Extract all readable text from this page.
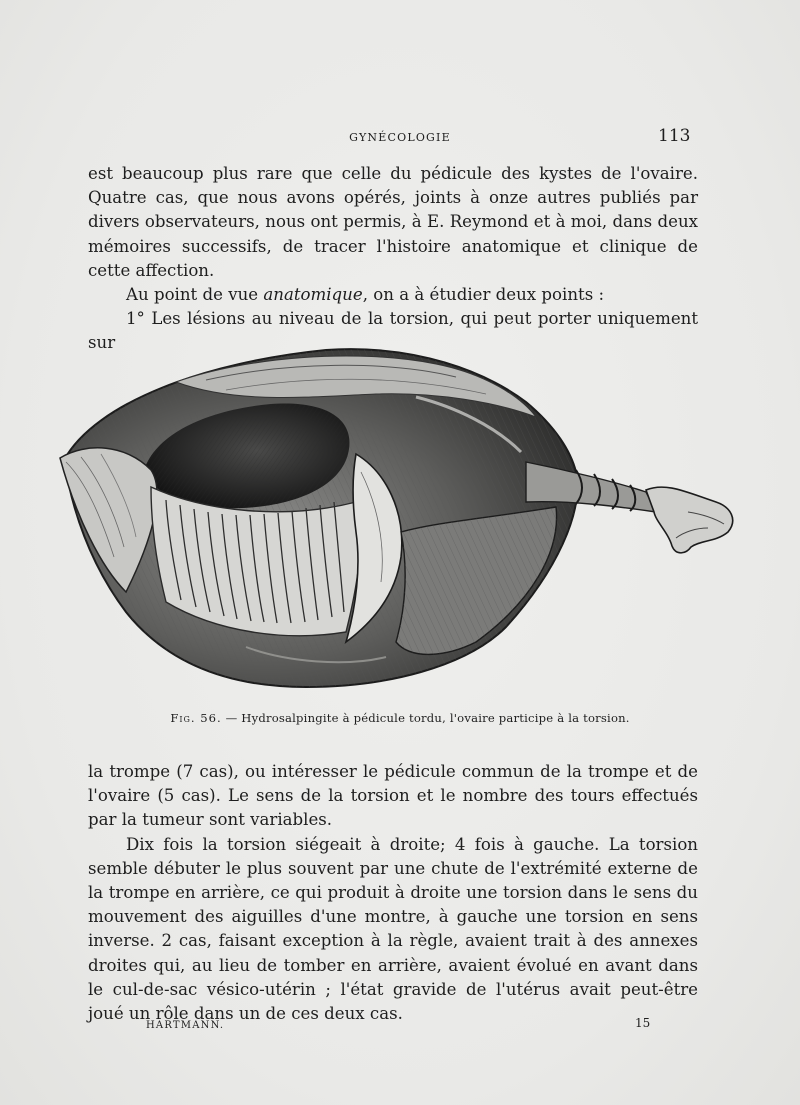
GYNÉCOLOGIE	113

est beaucoup plus rare que celle du pédicule des kystes de l'ovaire. Quatre cas, que nous avons opérés, joints à onze autres publiés par divers observateurs, nous ont permis, à E. Reymond et à moi, dans deux mémoires successifs, de tracer l'histoire anatomique et clinique de cette affection.

Au point de vue anatomique, on a à étudier deux points :

1° Les lésions au niveau de la torsion, qui peut porter uniquement sur

Fig. 56. — Hydrosalpingite à pédicule tordu, l'ovaire participe à la torsion.

la trompe (7 cas), ou intéresser le pédicule commun de la trompe et de l'ovaire (5 cas). Le sens de la torsion et le nombre des tours effectués par la tumeur sont variables.

Dix fois la torsion siégeait à droite; 4 fois à gauche. La torsion semble débuter le plus souvent par une chute de l'extrémité externe de la trompe en arrière, ce qui produit à droite une torsion dans le sens du mouvement des aiguilles d'une montre, à gauche une torsion en sens inverse. 2 cas, faisant exception à la règle, avaient trait à des annexes droites qui, au lieu de tomber en arrière, avaient évolué en avant dans le cul-de-sac vésico-utérin ; l'état gravide de l'utérus avait peut-être joué un rôle dans un de ces deux cas.

HARTMANN.	15
